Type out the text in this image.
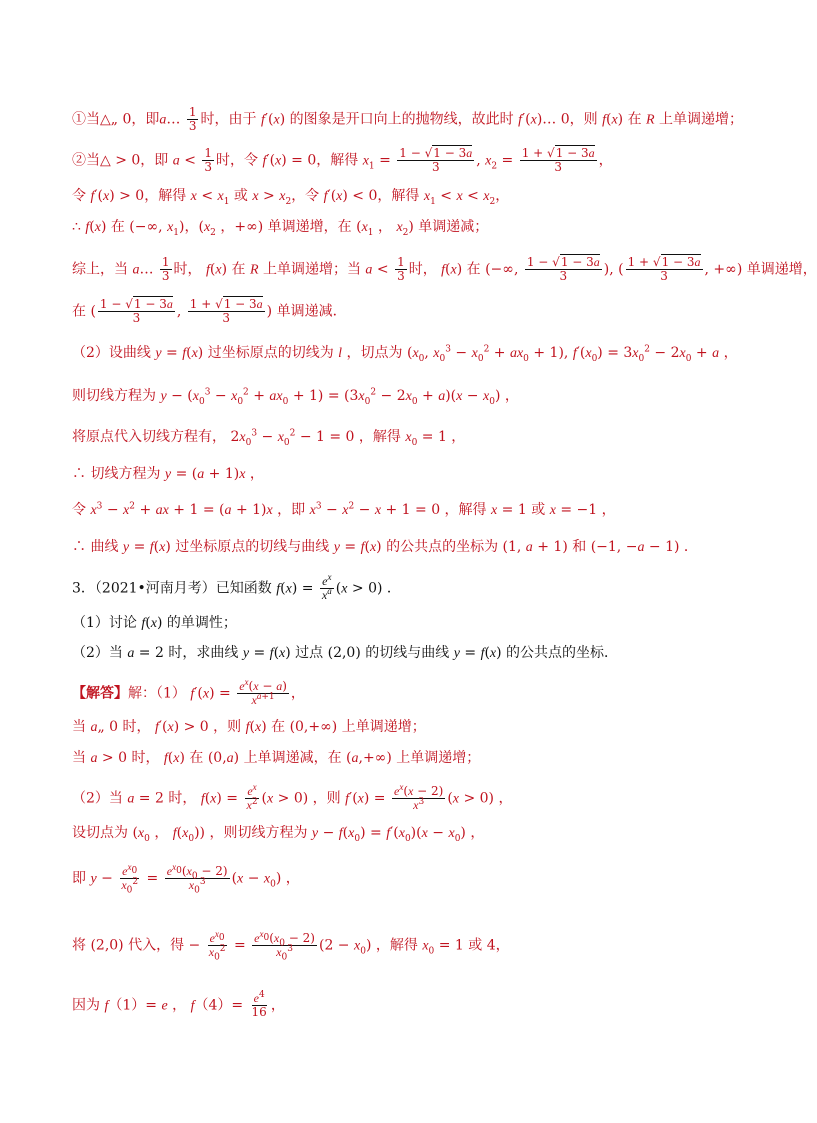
①当△„ 0，即a… $\frac{1}{3}$ 时，由于 f′(x) 的图象是开口向上的抛物线，故此时 f′(x)… 0，则 f(x) 在 R 上单调递增；
②当△ > 0，即 $a < \frac{1}{3}$ 时，令 f′(x) = 0，解得 $x_1 = \frac{1 - √1 - 3a}{3}$ , $x_2 = \frac{1 + √1 - 3a}{3}$ ，
令 f′(x) > 0，解得 $x < x_1$ 或 $x > x_2$，令 f′(x) < 0，解得 $x_1 < x < x_2$，
∴ f(x) 在 (−∞, $x_1$)，($x_2$ ，+∞) 单调递增，在 ($x_1$ ， $x_2$) 单调递减；
综上，当 a… $\frac{1}{3}$ 时， f(x) 在 R 上单调递增；当 $a < \frac{1}{3}$ 时， f(x) 在 (−∞, $\frac{1 - √1 - 3a}{3}$ ), ( $\frac{1 + √1 - 3a}{3}$ , +∞) 单调递增，
在 ( $\frac{1 - √1 - 3a}{3}$ , $\frac{1 + √1 - 3a}{3}$ ) 单调递减．
（2）设曲线 y = f(x) 过坐标原点的切线为 l ，切点为 ($x_0$, $x_0^3 - x_0^2 + ax_0 + 1$), $f'(x_0) = 3x_0^2 - 2x_0 + a$ ，
则切线方程为 $y - (x_0^3 - x_0^2 + ax_0 + 1) = (3x_0^2 - 2x_0 + a)(x - x_0)$ ，
将原点代入切线方程有， $2x_0^3 - x_0^2 - 1 = 0$ ，解得 $x_0 = 1$ ，
∴ 切线方程为 y = (a + 1)x ，
令 $x^3 - x^2$ + ax + 1 = (a + 1)x ，即 $x^3 - x^2 - x + 1 = 0$ ，解得 x = 1 或 x = −1 ，
∴ 曲线 y = f(x) 过坐标原点的切线与曲线 y = f(x) 的公共点的坐标为 (1, a + 1) 和 (−1, −a − 1) ．
3．（2021•河南月考）已知函数 $f(x) = \frac{e^x}{x^a} (x > 0)$ ．
（1）讨论 f(x) 的单调性；
（2）当 a = 2 时，求曲线 y = f(x) 过点 (2,0) 的切线与曲线 y = f(x) 的公共点的坐标．
【解答】解：（1） $f'(x) = \frac{e^x(x - a)}{x^{a+1}}$ ，
当 a„ 0 时， f′(x) > 0 ，则 f(x) 在 (0,+∞) 上单调递增；
当 a > 0 时， f(x) 在 (0,a) 上单调递减，在 (a,+∞) 上单调递增；
（2）当 a = 2 时， $f(x) = \frac{e^x}{x^2} (x > 0)$ ，则 $f'(x) = \frac{e^x(x - 2)}{x^3} (x > 0)$ ，
设切点为 ($x_0$ ， $f(x_0)$) ，则切线方程为 $y - f(x_0) = f'(x_0)(x - x_0)$ ，
即 $y - \frac{e^{x_0}}{x_0^2} = \frac{e^{x_0}(x_0 - 2)}{x_0^3} (x - x_0)$ ，
将 (2,0) 代入，得 − $\frac{e^{x_0}}{x_0^2} = \frac{e^{x_0}(x_0 - 2)}{x_0^3} (2 - x_0)$ ，解得 $x_0 = 1$ 或 4，
因为 f（1）= e ， $f(4)= \frac{e^4}{16}$ ，
